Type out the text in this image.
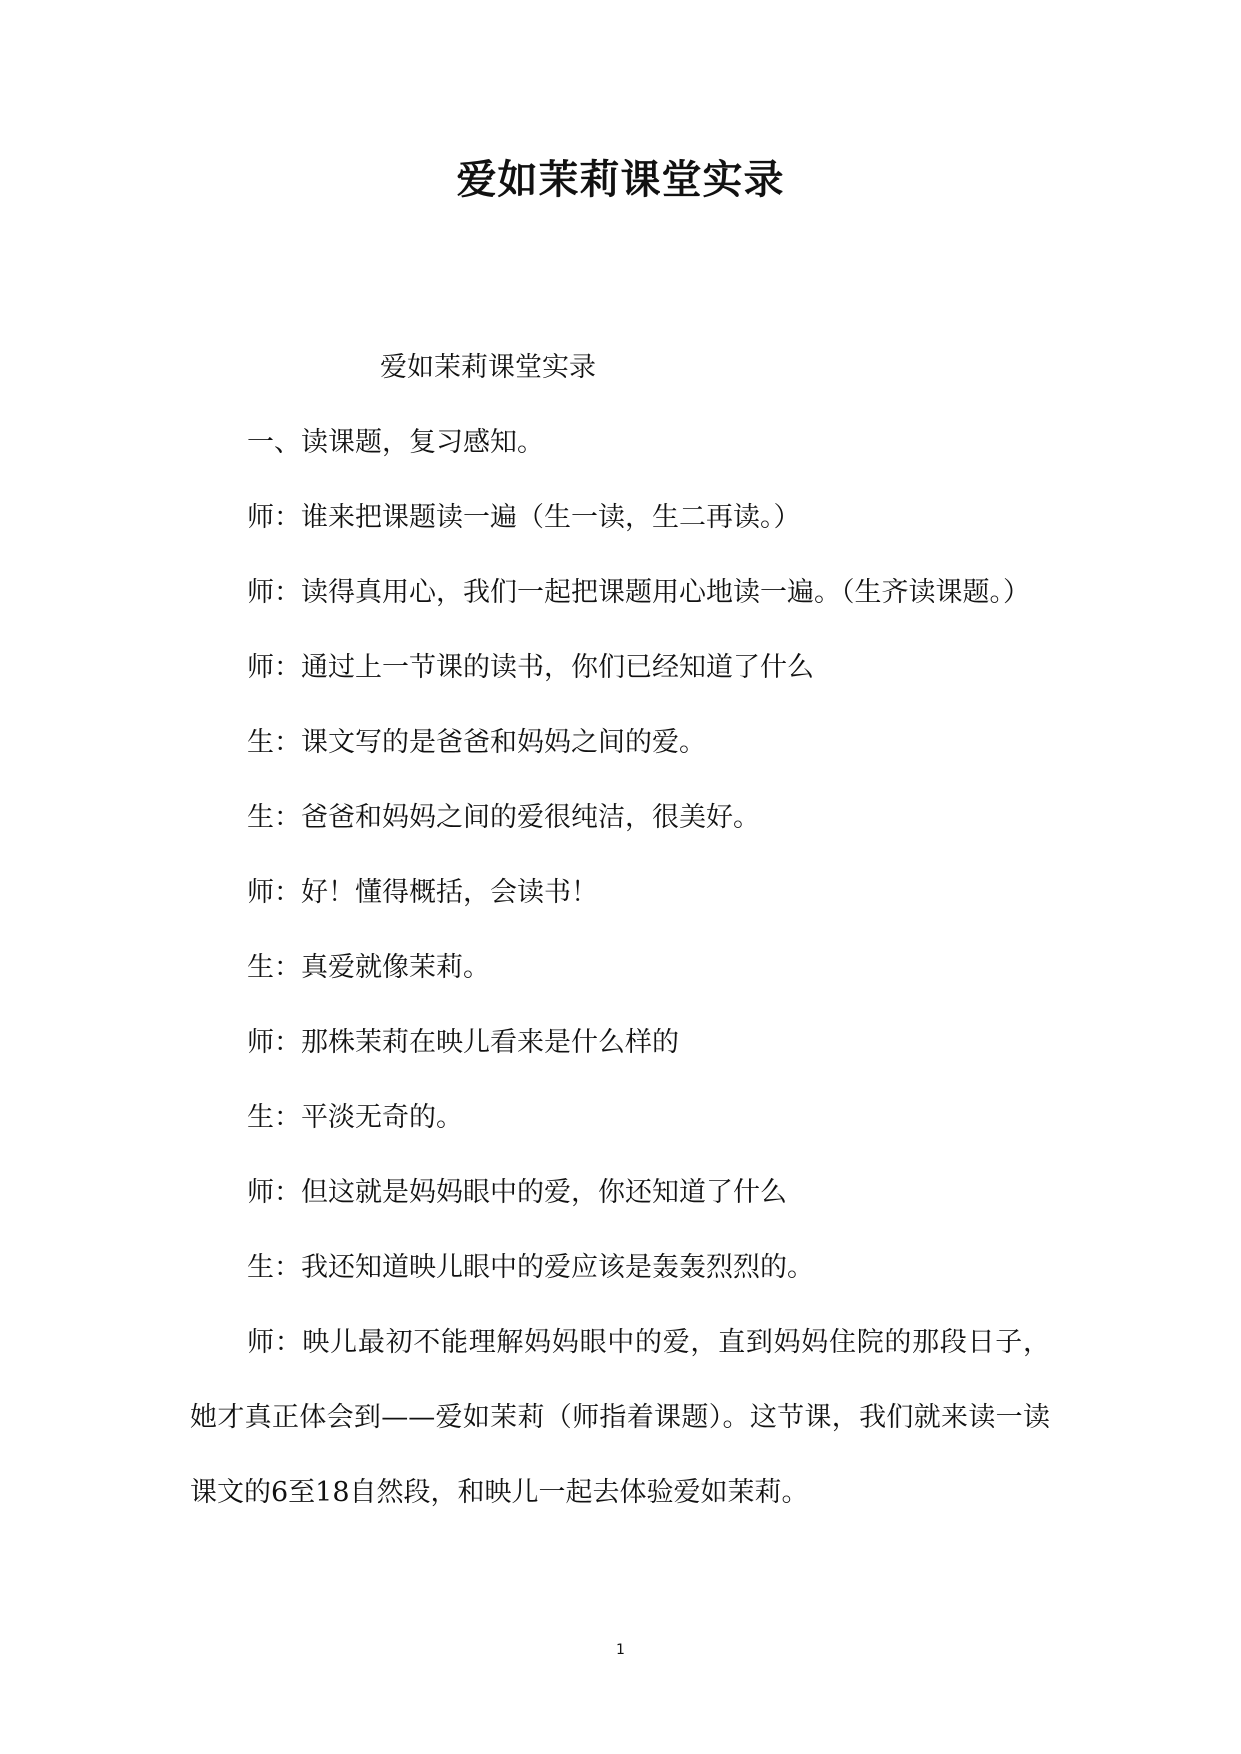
爱如茉莉课堂实录

爱如茉莉课堂实录

一、读课题，复习感知。

师：谁来把课题读一遍（生一读，生二再读。）

师：读得真用心，我们一起把课题用心地读一遍。（生齐读课题。）

师：通过上一节课的读书，你们已经知道了什么

生：课文写的是爸爸和妈妈之间的爱。

生：爸爸和妈妈之间的爱很纯洁，很美好。

师：好！懂得概括，会读书！

生：真爱就像茉莉。

师：那株茉莉在映儿看来是什么样的

生：平淡无奇的。

师：但这就是妈妈眼中的爱，你还知道了什么

生：我还知道映儿眼中的爱应该是轰轰烈烈的。

师：映儿最初不能理解妈妈眼中的爱，直到妈妈住院的那段日子，她才真正体会到——爱如茉莉（师指着课题）。这节课，我们就来读一读课文的6至18自然段，和映儿一起去体验爱如茉莉。

1
